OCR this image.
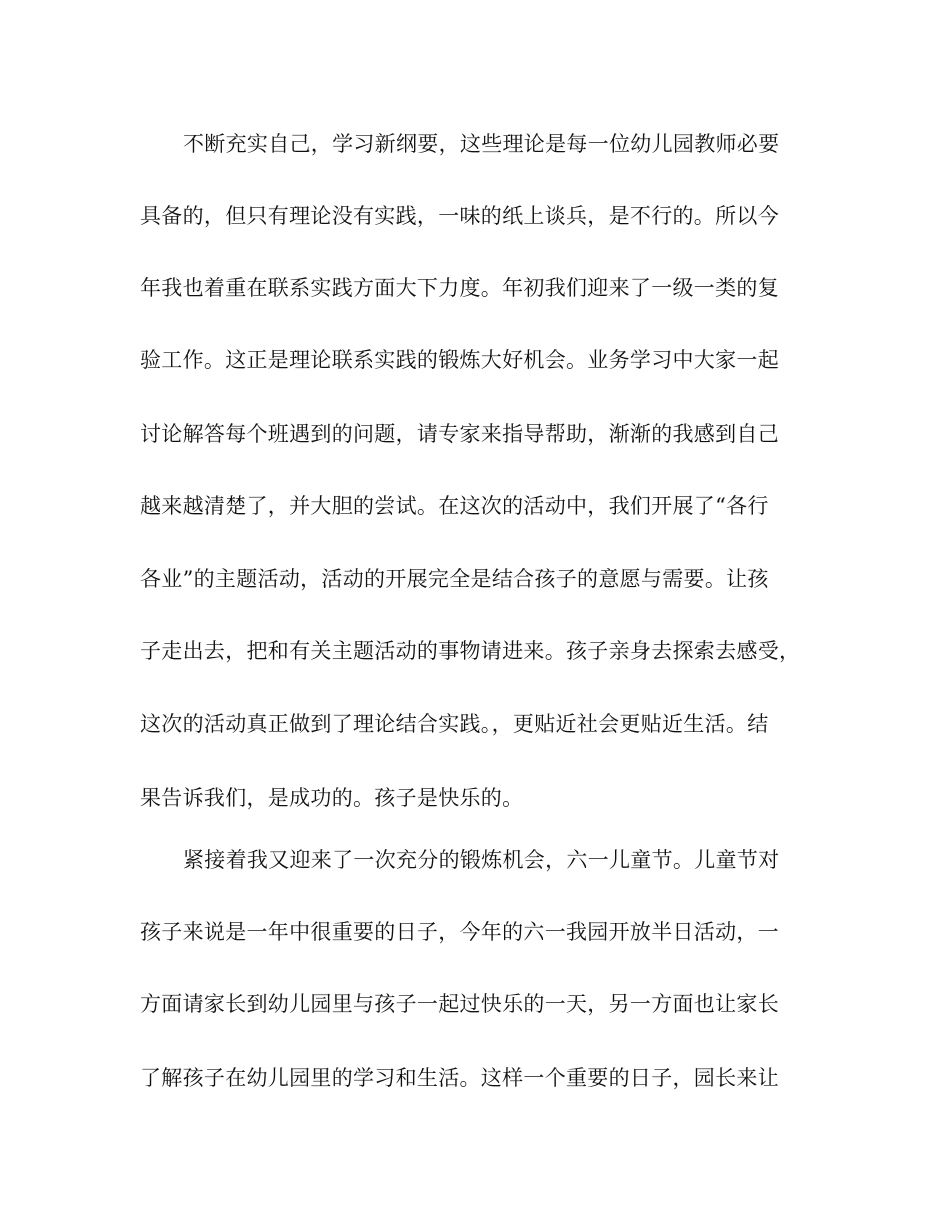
不断充实自己，学习新纲要，这些理论是每一位幼儿园教师必要
具备的，但只有理论没有实践，一味的纸上谈兵，是不行的。所以今
年我也着重在联系实践方面大下力度。年初我们迎来了一级一类的复
验工作。这正是理论联系实践的锻炼大好机会。业务学习中大家一起
讨论解答每个班遇到的问题，请专家来指导帮助，渐渐的我感到自己
越来越清楚了，并大胆的尝试。在这次的活动中，我们开展了“各行
各业”的主题活动，活动的开展完全是结合孩子的意愿与需要。让孩
子走出去，把和有关主题活动的事物请进来。孩子亲身去探索去感受，
这次的活动真正做到了理论结合实践。，更贴近社会更贴近生活。结
果告诉我们，是成功的。孩子是快乐的。
紧接着我又迎来了一次充分的锻炼机会，六一儿童节。儿童节对
孩子来说是一年中很重要的日子，今年的六一我园开放半日活动，一
方面请家长到幼儿园里与孩子一起过快乐的一天，另一方面也让家长
了解孩子在幼儿园里的学习和生活。这样一个重要的日子，园长来让
